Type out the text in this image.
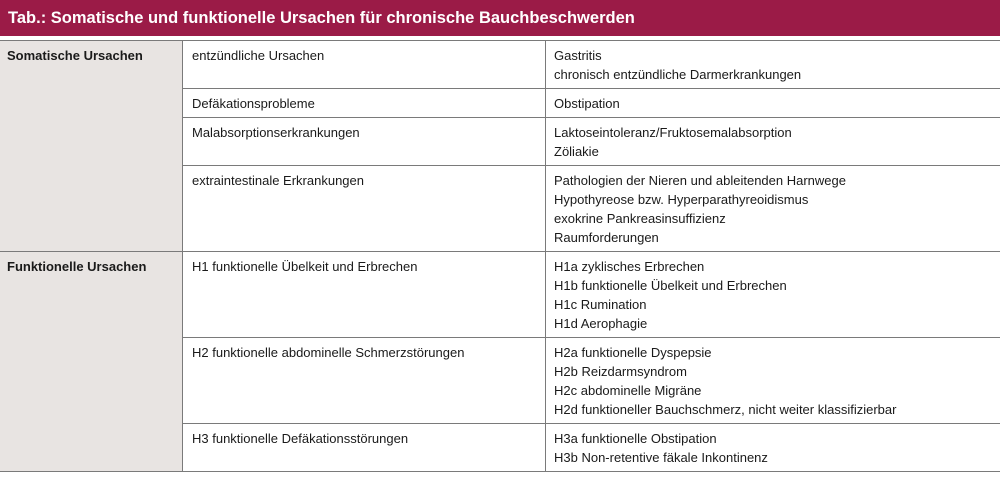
Tab.: Somatische und funktionelle Ursachen für chronische Bauchbeschwerden
Somatische Ursachen	entzündliche Ursachen	Gastritis
chronisch entzündliche Darmerkrankungen
Defäkationsprobleme	Obstipation
Malabsorptionserkrankungen	Laktoseintoleranz/Fruktosemalabsorption
Zöliakie
extraintestinale Erkrankungen	Pathologien der Nieren und ableitenden Harnwege
Hypothyreose bzw. Hyperparathyreoidismus
exokrine Pankreasinsuffizienz
Raumforderungen
Funktionelle Ursachen	H1 funktionelle Übelkeit und Erbrechen	H1a zyklisches Erbrechen
H1b funktionelle Übelkeit und Erbrechen
H1c Rumination
H1d Aerophagie
H2 funktionelle abdominelle Schmerzstörungen	H2a funktionelle Dyspepsie
H2b Reizdarmsyndrom
H2c abdominelle Migräne
H2d funktioneller Bauchschmerz, nicht weiter klassifizierbar
H3 funktionelle Defäkationsstörungen	H3a funktionelle Obstipation
H3b Non-retentive fäkale Inkontinenz
